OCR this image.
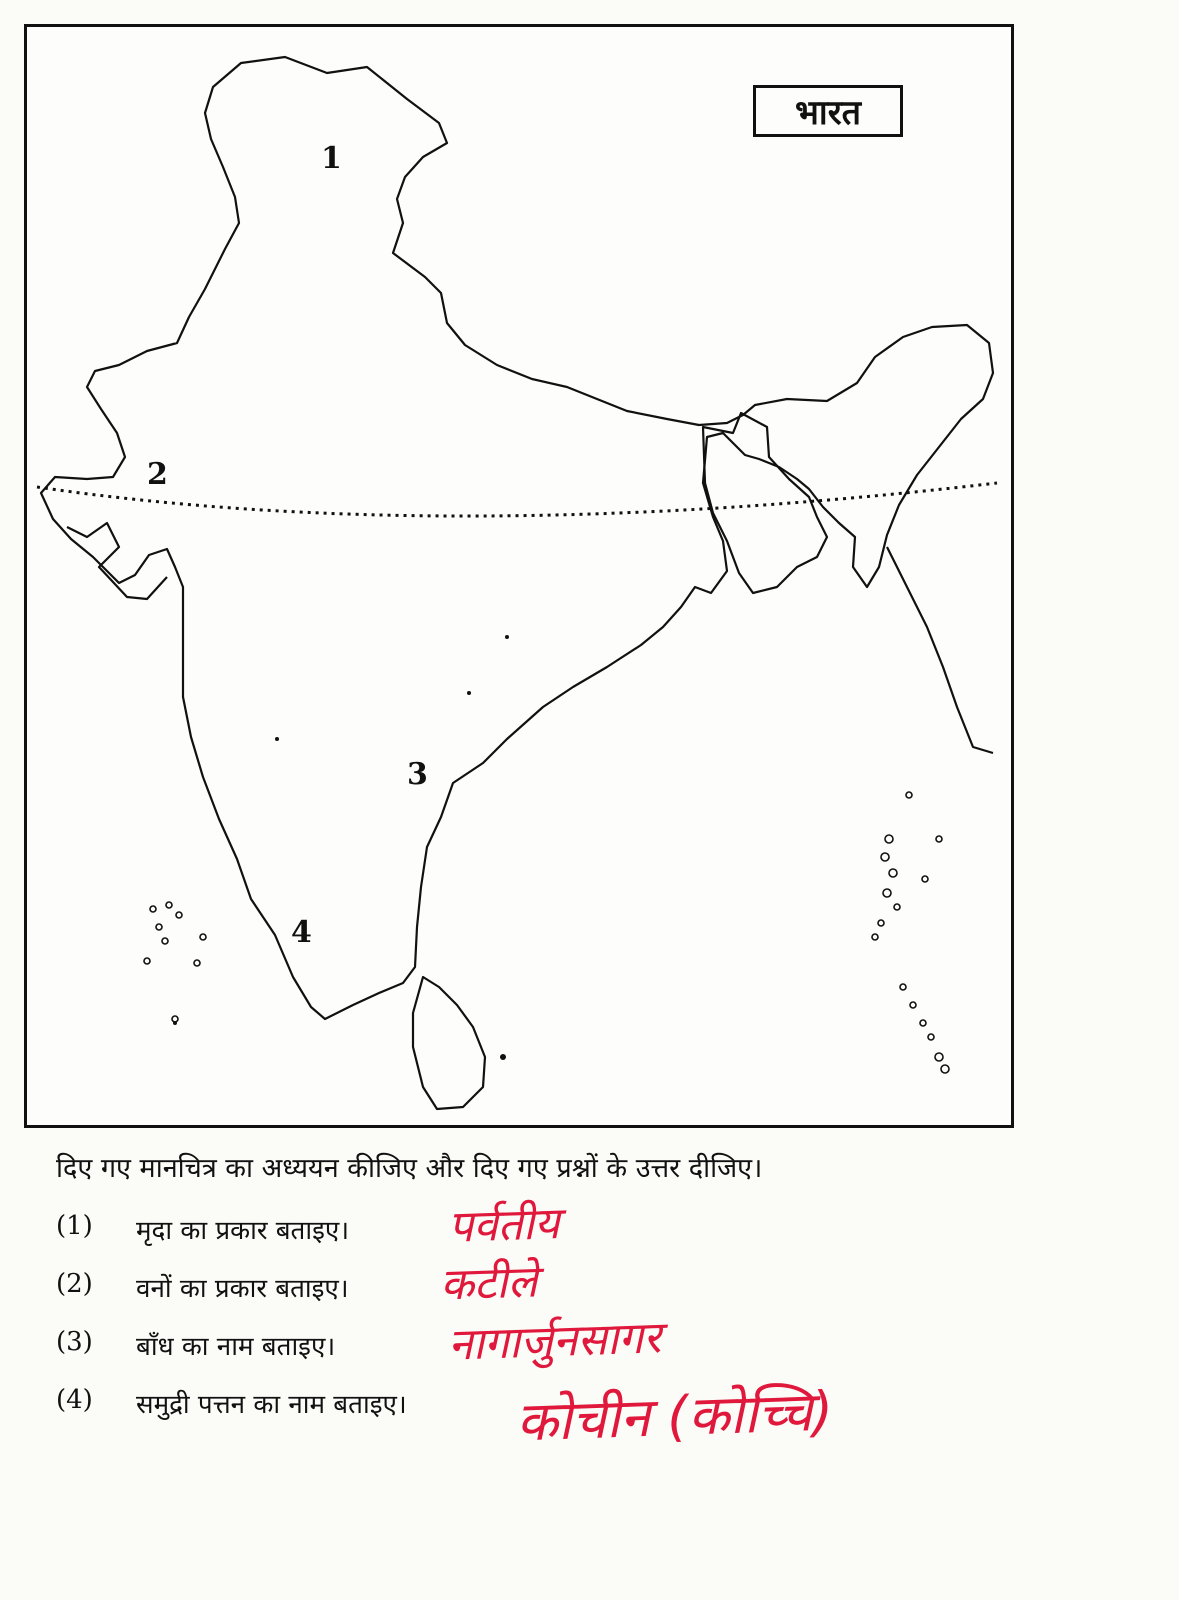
भारत
1
2
3
4

दिए गए मानचित्र का अध्ययन कीजिए और दिए गए प्रश्नों के उत्तर दीजिए।

(1) मृदा का प्रकार बताइए। पर्वतीय
(2) वनों का प्रकार बताइए। कटीले
(3) बाँध का नाम बताइए।	नागार्जुनसागर
(4) समुद्री पत्तन का नाम बताइए। कोचीन (कोच्चि)
